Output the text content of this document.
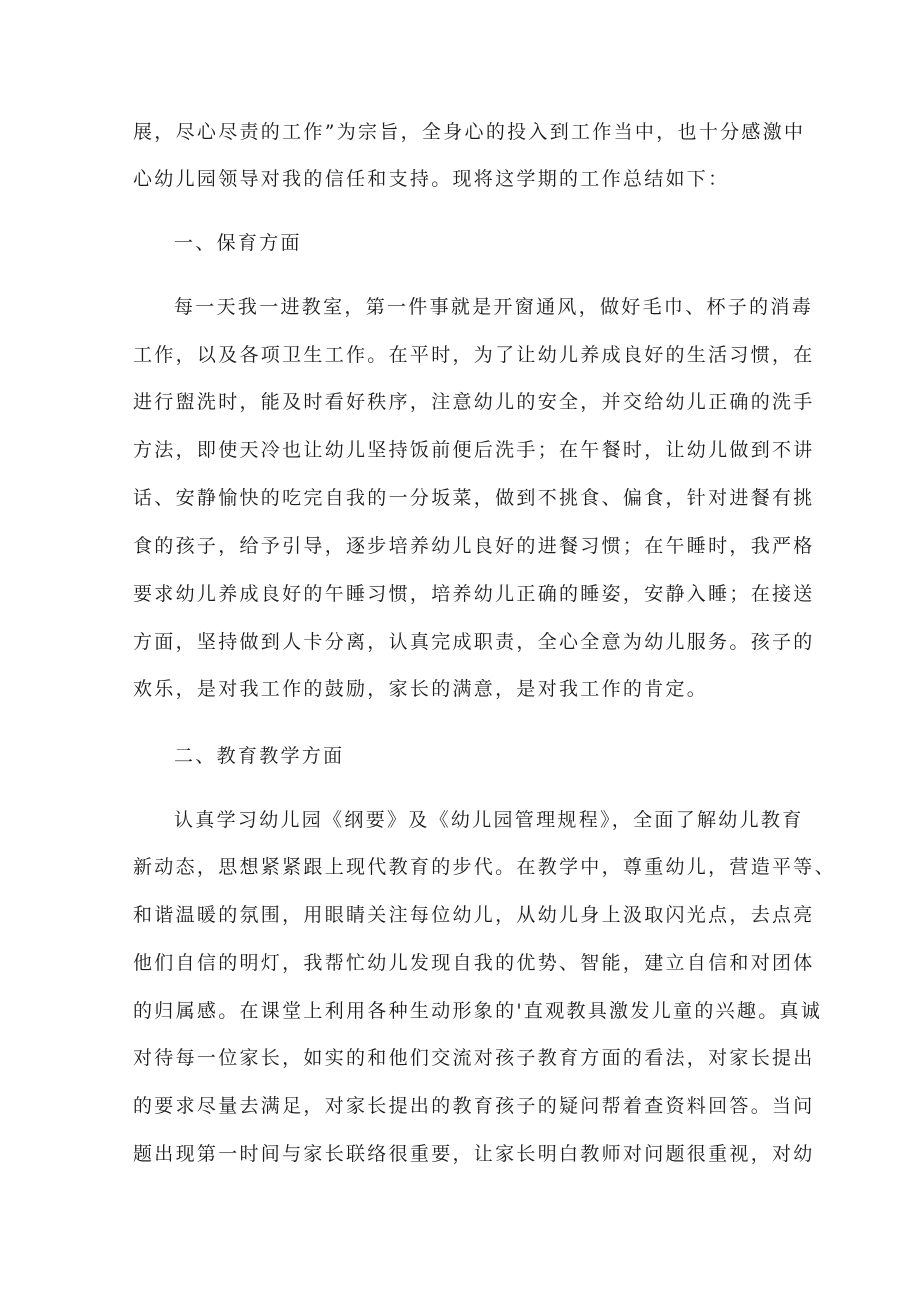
展，尽心尽责的工作”为宗旨，全身心的投入到工作当中，也十分感激中
心幼儿园领导对我的信任和支持。现将这学期的工作总结如下：
一、保育方面
每一天我一进教室，第一件事就是开窗通风，做好毛巾、杯子的消毒
工作，以及各项卫生工作。在平时，为了让幼儿养成良好的生活习惯，在
进行盥洗时，能及时看好秩序，注意幼儿的安全，并交给幼儿正确的洗手
方法，即使天冷也让幼儿坚持饭前便后洗手；在午餐时，让幼儿做到不讲
话、安静愉快的吃完自我的一分坂菜，做到不挑食、偏食，针对进餐有挑
食的孩子，给予引导，逐步培养幼儿良好的进餐习惯；在午睡时，我严格
要求幼儿养成良好的午睡习惯，培养幼儿正确的睡姿，安静入睡；在接送
方面，坚持做到人卡分离，认真完成职责，全心全意为幼儿服务。孩子的
欢乐，是对我工作的鼓励，家长的满意，是对我工作的肯定。
二、教育教学方面
认真学习幼儿园《纲要》及《幼儿园管理规程》，全面了解幼儿教育
新动态，思想紧紧跟上现代教育的步代。在教学中，尊重幼儿，营造平等、
和谐温暖的氛围，用眼睛关注每位幼儿，从幼儿身上汲取闪光点，去点亮
他们自信的明灯，我帮忙幼儿发现自我的优势、智能，建立自信和对团体
的归属感。在课堂上利用各种生动形象的'直观教具激发儿童的兴趣。真诚
对待每一位家长，如实的和他们交流对孩子教育方面的看法，对家长提出
的要求尽量去满足，对家长提出的教育孩子的疑问帮着查资料回答。当问
题出现第一时间与家长联络很重要，让家长明白教师对问题很重视，对幼
